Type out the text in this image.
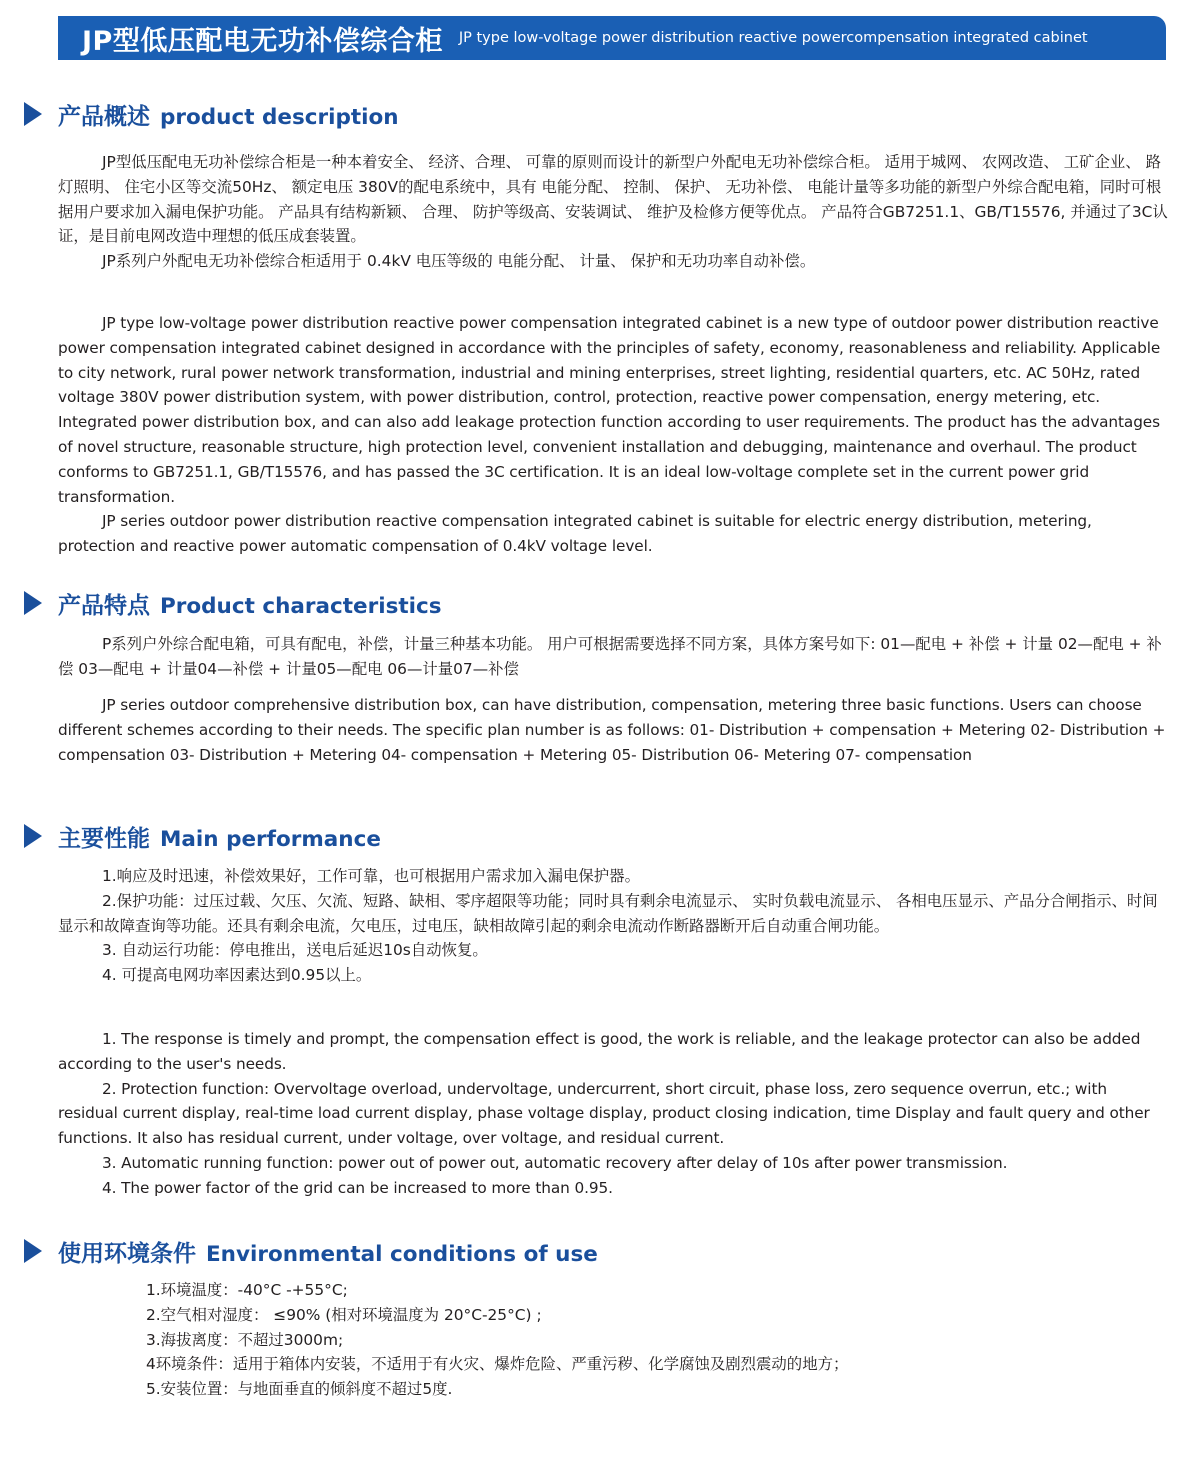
JP型低压配电无功补偿综合柜 JP type low-voltage power distribution reactive powercompensation integrated cabinet
产品概述 product description

JP型低压配电无功补偿综合柜是一种本着安全、 经济、合理、 可靠的原则而设计的新型户外配电无功补偿综合柜。 适用于城网、 农网改造、 工矿企业、 路灯照明、 住宅小区等交流50Hz、 额定电压 380V的配电系统中，具有 电能分配、 控制、 保护、 无功补偿、 电能计量等多功能的新型户外综合配电箱，同时可根据用户要求加入漏电保护功能。 产品具有结构新颖、 合理、 防护等级高、安装调试、 维护及检修方便等优点。 产品符合GB7251.1、GB/T15576, 并通过了3C认证，是目前电网改造中理想的低压成套装置。

JP系列户外配电无功补偿综合柜适用于 0.4kV 电压等级的 电能分配、 计量、 保护和无功功率自动补偿。

JP type low-voltage power distribution reactive power compensation integrated cabinet is a new type of outdoor power distribution reactive power compensation integrated cabinet designed in accordance with the principles of safety, economy, reasonableness and reliability. Applicable to city network, rural power network transformation, industrial and mining enterprises, street lighting, residential quarters, etc. AC 50Hz, rated voltage 380V power distribution system, with power distribution, control, protection, reactive power compensation, energy metering, etc. Integrated power distribution box, and can also add leakage protection function according to user requirements. The product has the advantages of novel structure, reasonable structure, high protection level, convenient installation and debugging, maintenance and overhaul. The product conforms to GB7251.1, GB/T15576, and has passed the 3C certification. It is an ideal low-voltage complete set in the current power grid transformation.

JP series outdoor power distribution reactive compensation integrated cabinet is suitable for electric energy distribution, metering, protection and reactive power automatic compensation of 0.4kV voltage level.

产品特点 Product characteristics

P系列户外综合配电箱，可具有配电，补偿，计量三种基本功能。 用户可根据需要选择不同方案，具体方案号如下: 01—配电 + 补偿 + 计量 02—配电 + 补偿 03—配电 + 计量04—补偿 + 计量05—配电 06—计量07—补偿

JP series outdoor comprehensive distribution box, can have distribution, compensation, metering three basic functions. Users can choose different schemes according to their needs. The specific plan number is as follows: 01- Distribution + compensation + Metering 02- Distribution + compensation 03- Distribution + Metering 04- compensation + Metering 05- Distribution 06- Metering 07- compensation

主要性能 Main performance

1.响应及时迅速，补偿效果好，工作可靠，也可根据用户需求加入漏电保护器。

2.保护功能：过压过载、欠压、欠流、短路、缺相、零序超限等功能；同时具有剩余电流显示、 实时负载电流显示、 各相电压显示、产品分合闸指示、时间显示和故障查询等功能。还具有剩余电流，欠电压，过电压，缺相故障引起的剩余电流动作断路器断开后自动重合闸功能。

3. 自动运行功能：停电推出，送电后延迟10s自动恢复。

4. 可提高电网功率因素达到0.95以上。

1. The response is timely and prompt, the compensation effect is good, the work is reliable, and the leakage protector can also be added according to the user's needs.

2. Protection function: Overvoltage overload, undervoltage, undercurrent, short circuit, phase loss, zero sequence overrun, etc.; with residual current display, real-time load current display, phase voltage display, product closing indication, time Display and fault query and other functions. It also has residual current, under voltage, over voltage, and residual current.

3. Automatic running function: power out of power out, automatic recovery after delay of 10s after power transmission.

4. The power factor of the grid can be increased to more than 0.95.

使用环境条件 Environmental conditions of use

1.环境温度：-40°C -+55°C;

2.空气相对湿度： ≤90% (相对环境温度为 20°C-25°C) ;

3.海拔离度：不超过3000m;

4环境条件：适用于箱体内安装，不适用于有火灾、爆炸危险、严重污秽、化学腐蚀及剧烈震动的地方；

5.安装位置：与地面垂直的倾斜度不超过5度.
